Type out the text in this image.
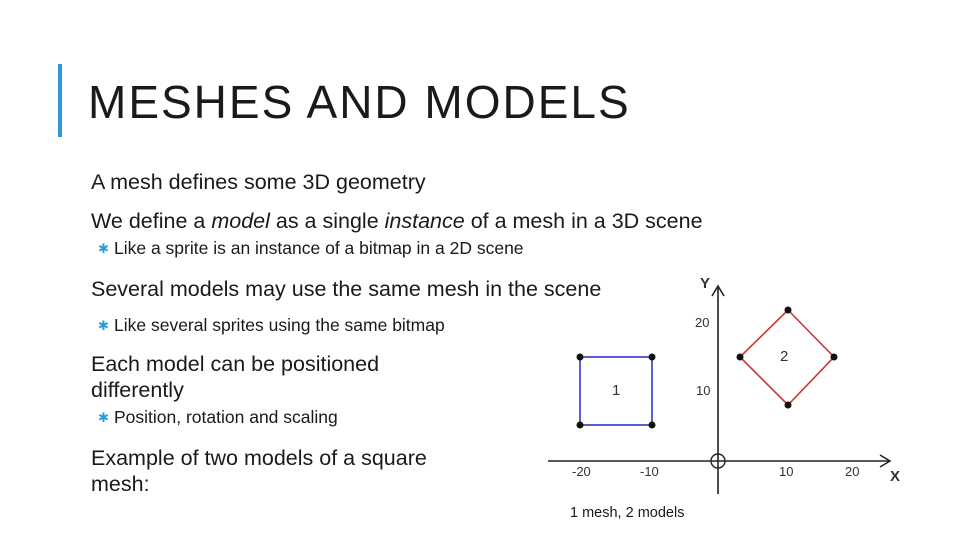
MESHES AND MODELS

A mesh defines some 3D geometry

We define a model as a single instance of a mesh in a 3D scene

✱ Like a sprite is an instance of a bitmap in a 2D scene

Several models may use the same mesh in the scene

✱ Like several sprites using the same bitmap

Each model can be positioned differently

✱ Position, rotation and scaling

Example of two models of a square mesh:

Y
X
-20	-10	10	20
20
10
1
2
1 mesh, 2 models
